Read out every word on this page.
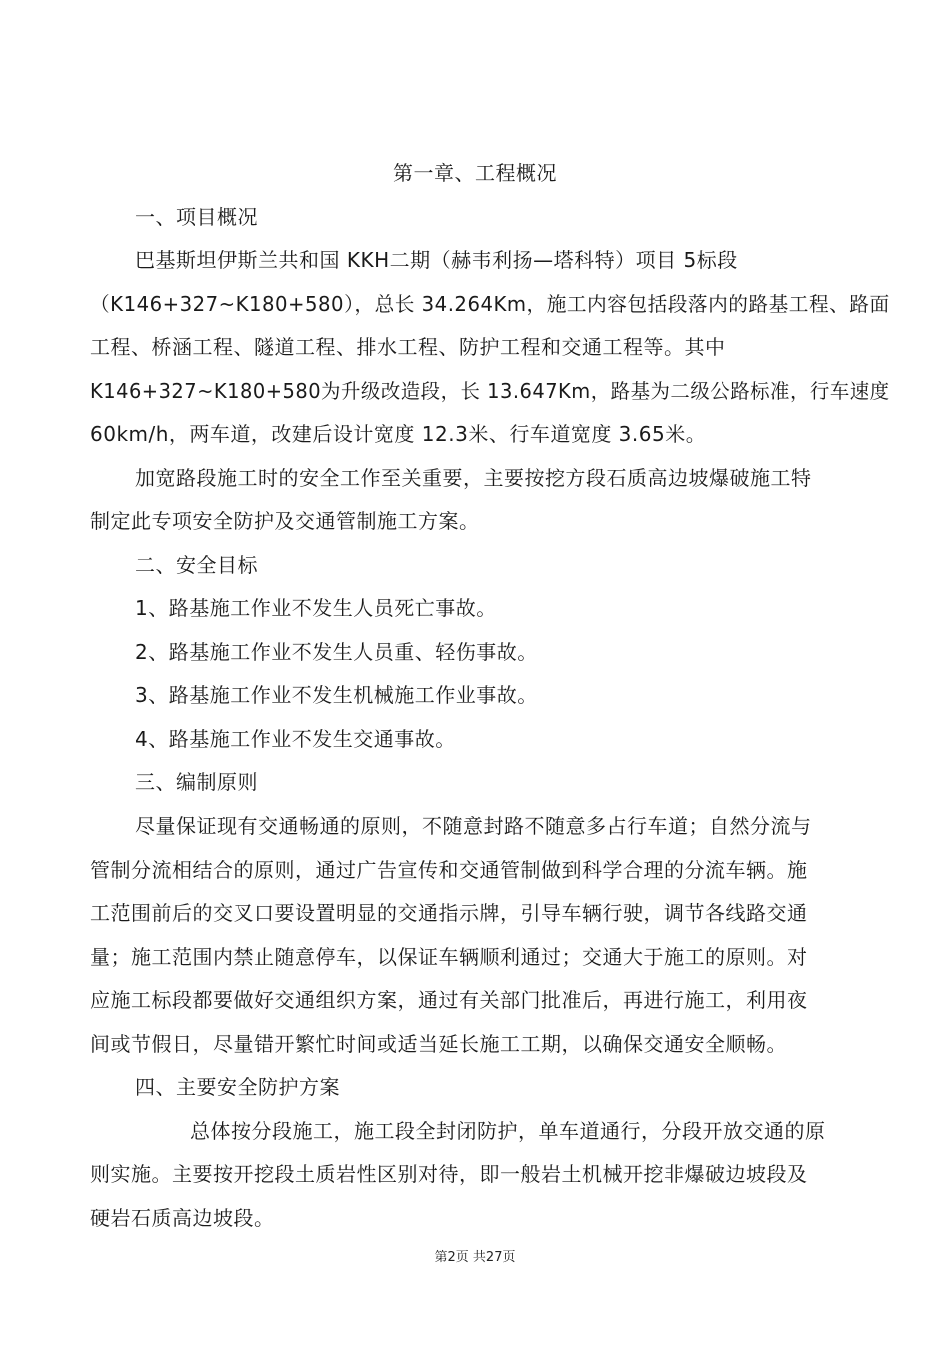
第一章、工程概况
一、项目概况
巴基斯坦伊斯兰共和国 KKH二期（赫韦利扬—塔科特）项目 5标段
（K146+327~K180+580），总长 34.264Km，施工内容包括段落内的路基工程、路面
工程、桥涵工程、隧道工程、排水工程、防护工程和交通工程等。其中
K146+327~K180+580为升级改造段，长 13.647Km，路基为二级公路标准，行车速度
60km/h，两车道，改建后设计宽度 12.3米、行车道宽度 3.65米。
加宽路段施工时的安全工作至关重要，主要按挖方段石质高边坡爆破施工特
制定此专项安全防护及交通管制施工方案。
二、安全目标
1、路基施工作业不发生人员死亡事故。
2、路基施工作业不发生人员重、轻伤事故。
3、路基施工作业不发生机械施工作业事故。
4、路基施工作业不发生交通事故。
三、编制原则
尽量保证现有交通畅通的原则，不随意封路不随意多占行车道；自然分流与
管制分流相结合的原则，通过广告宣传和交通管制做到科学合理的分流车辆。施
工范围前后的交叉口要设置明显的交通指示牌，引导车辆行驶，调节各线路交通
量；施工范围内禁止随意停车，以保证车辆顺利通过；交通大于施工的原则。对
应施工标段都要做好交通组织方案，通过有关部门批准后，再进行施工，利用夜
间或节假日，尽量错开繁忙时间或适当延长施工工期，以确保交通安全顺畅。
四、主要安全防护方案
总体按分段施工，施工段全封闭防护，单车道通行，分段开放交通的原
则实施。主要按开挖段土质岩性区别对待，即一般岩土机械开挖非爆破边坡段及
硬岩石质高边坡段。
第2页 共27页
